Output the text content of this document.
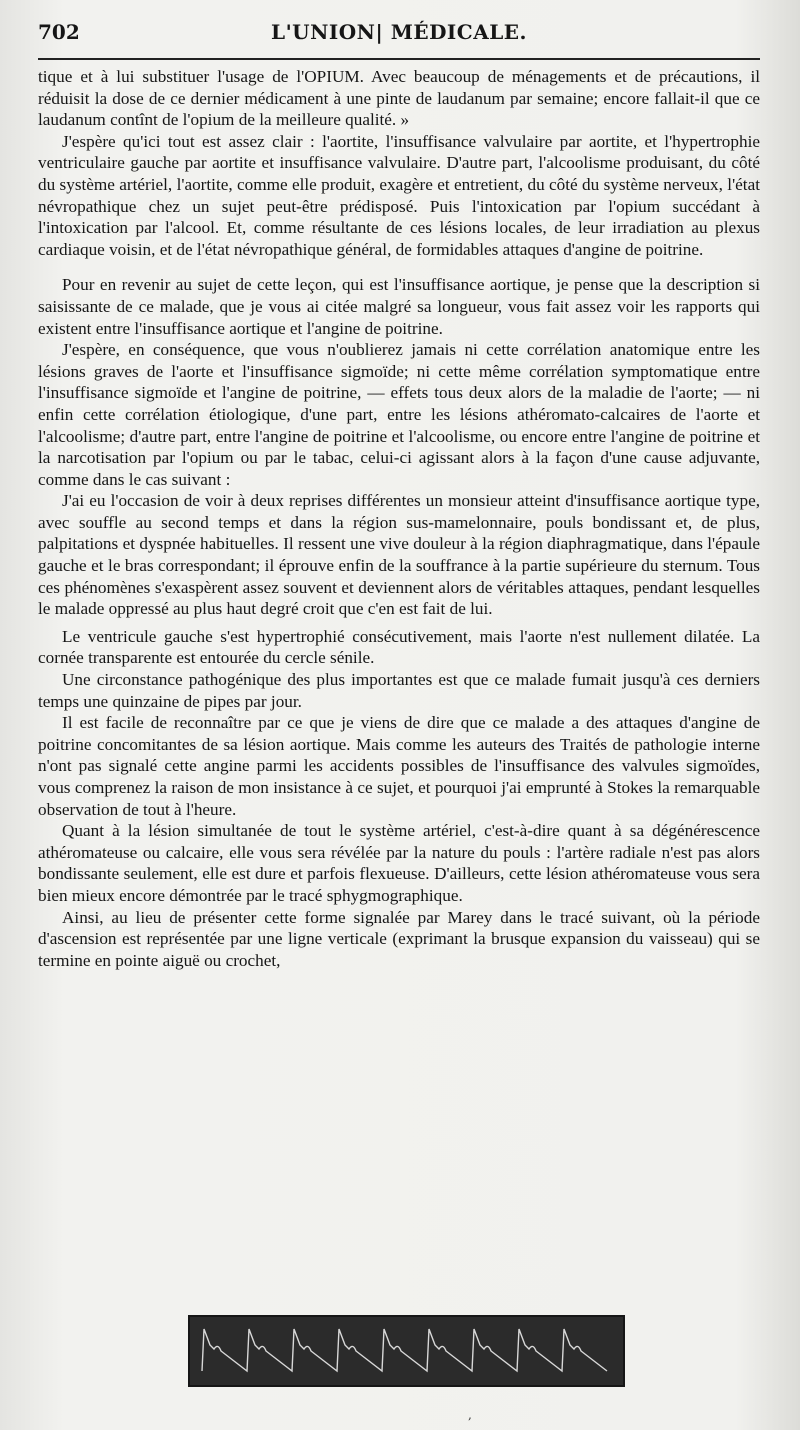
702	L'UNION| MÉDICALE.

tique et à lui substituer l'usage de l'OPIUM. Avec beaucoup de ménagements et de précautions, il réduisit la dose de ce dernier médicament à une pinte de laudanum par semaine; encore fallait-il que ce laudanum contînt de l'opium de la meilleure qualité. »

J'espère qu'ici tout est assez clair : l'aortite, l'insuffisance valvulaire par aortite, et l'hypertrophie ventriculaire gauche par aortite et insuffisance valvulaire. D'autre part, l'alcoolisme produisant, du côté du système artériel, l'aortite, comme elle produit, exagère et entretient, du côté du système nerveux, l'état névropathique chez un sujet peut-être prédisposé. Puis l'intoxication par l'opium succédant à l'intoxication par l'alcool. Et, comme résultante de ces lésions locales, de leur irradiation au plexus cardiaque voisin, et de l'état névropathique général, de formidables attaques d'angine de poitrine.

Pour en revenir au sujet de cette leçon, qui est l'insuffisance aortique, je pense que la description si saisissante de ce malade, que je vous ai citée malgré sa longueur, vous fait assez voir les rapports qui existent entre l'insuffisance aortique et l'angine de poitrine.

J'espère, en conséquence, que vous n'oublierez jamais ni cette corrélation anatomique entre les lésions graves de l'aorte et l'insuffisance sigmoïde; ni cette même corrélation symptomatique entre l'insuffisance sigmoïde et l'angine de poitrine, — effets tous deux alors de la maladie de l'aorte; — ni enfin cette corrélation étiologique, d'une part, entre les lésions athéromato-calcaires de l'aorte et l'alcoolisme; d'autre part, entre l'angine de poitrine et l'alcoolisme, ou encore entre l'angine de poitrine et la narcotisation par l'opium ou par le tabac, celui-ci agissant alors à la façon d'une cause adjuvante, comme dans le cas suivant :

J'ai eu l'occasion de voir à deux reprises différentes un monsieur atteint d'insuffisance aortique type, avec souffle au second temps et dans la région sus-mamelonnaire, pouls bondissant et, de plus, palpitations et dyspnée habituelles. Il ressent une vive douleur à la région diaphragmatique, dans l'épaule gauche et le bras correspondant; il éprouve enfin de la souffrance à la partie supérieure du sternum. Tous ces phénomènes s'exaspèrent assez souvent et deviennent alors de véritables attaques, pendant lesquelles le malade oppressé au plus haut degré croit que c'en est fait de lui.

Le ventricule gauche s'est hypertrophié consécutivement, mais l'aorte n'est nullement dilatée. La cornée transparente est entourée du cercle sénile.

Une circonstance pathogénique des plus importantes est que ce malade fumait jusqu'à ces derniers temps une quinzaine de pipes par jour.

Il est facile de reconnaître par ce que je viens de dire que ce malade a des attaques d'angine de poitrine concomitantes de sa lésion aortique. Mais comme les auteurs des Traités de pathologie interne n'ont pas signalé cette angine parmi les accidents possibles de l'insuffisance des valvules sigmoïdes, vous comprenez la raison de mon insistance à ce sujet, et pourquoi j'ai emprunté à Stokes la remarquable observation de tout à l'heure.

Quant à la lésion simultanée de tout le système artériel, c'est-à-dire quant à sa dégénérescence athéromateuse ou calcaire, elle vous sera révélée par la nature du pouls : l'artère radiale n'est pas alors bondissante seulement, elle est dure et parfois flexueuse. D'ailleurs, cette lésion athéromateuse vous sera bien mieux encore démontrée par le tracé sphygmographique.

Ainsi, au lieu de présenter cette forme signalée par Marey dans le tracé suivant, où la période d'ascension est représentée par une ligne verticale (exprimant la brusque expansion du vaisseau) qui se termine en pointe aiguë ou crochet,

,
